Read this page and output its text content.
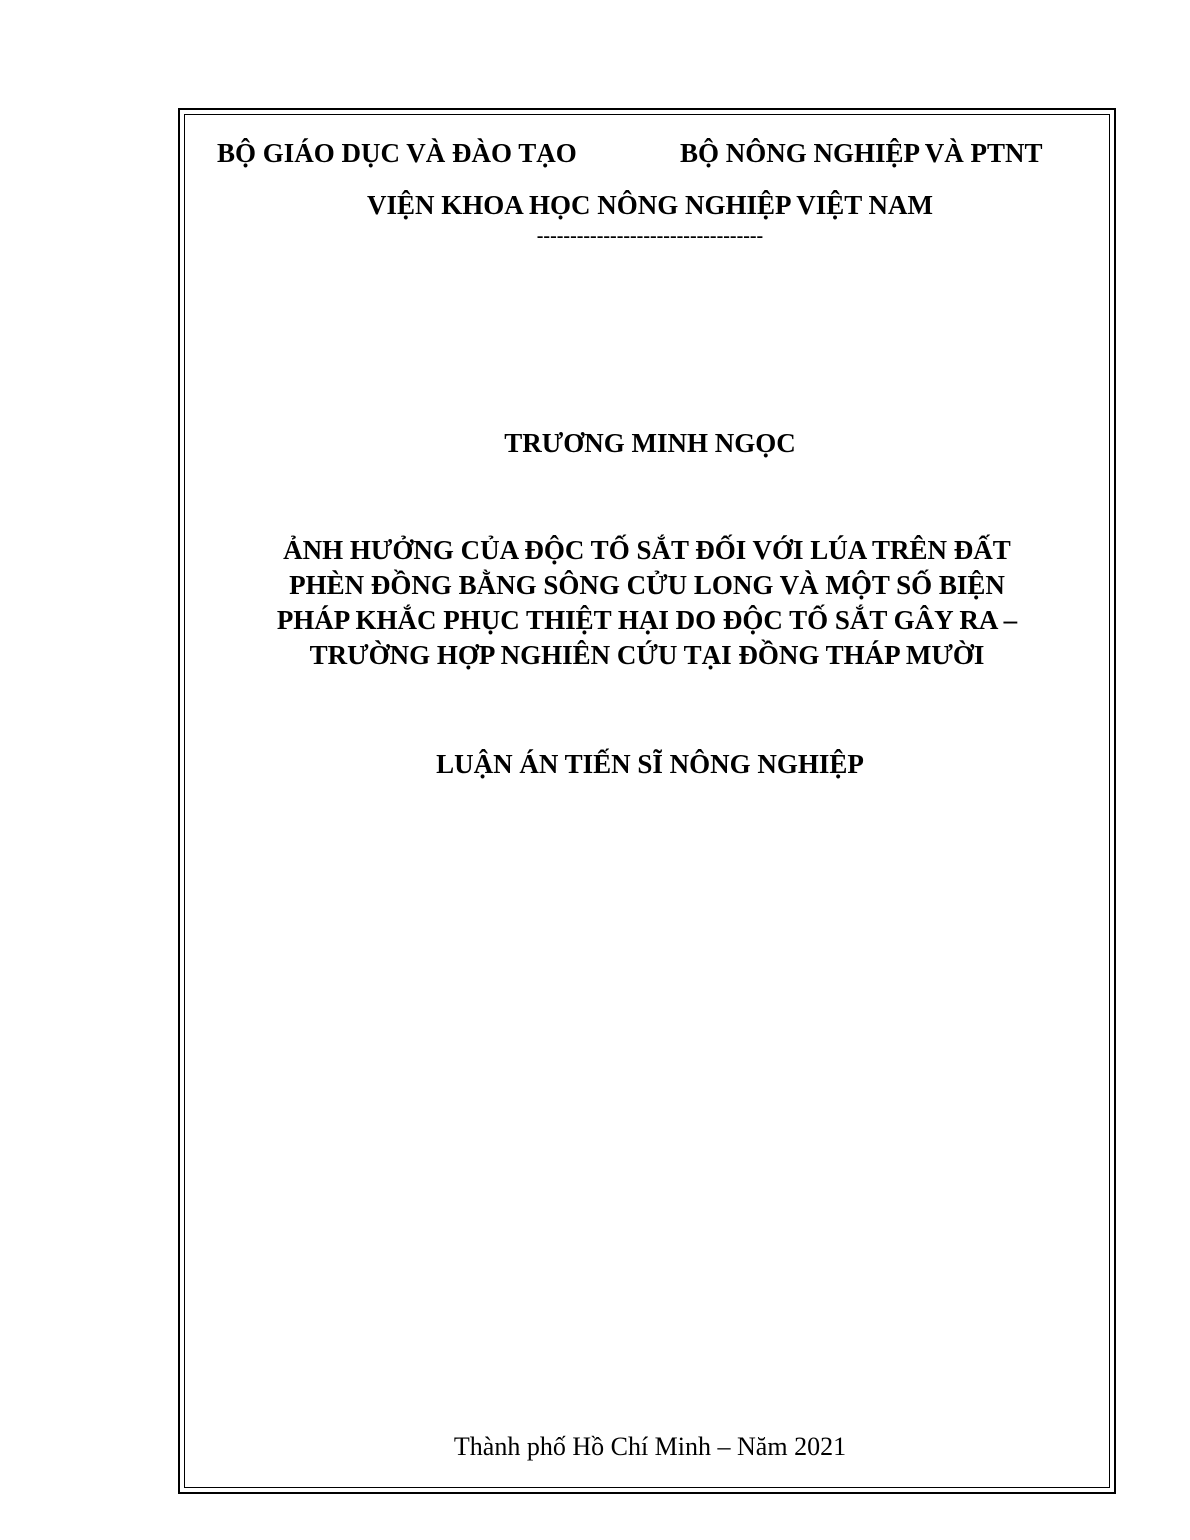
BỘ GIÁO DỤC VÀ ĐÀO TẠO	BỘ NÔNG NGHIỆP VÀ PTNT
VIỆN KHOA HỌC NÔNG NGHIỆP VIỆT NAM
----------------------------------
TRƯƠNG MINH NGỌC
ẢNH HƯỞNG CỦA ĐỘC TỐ SẮT ĐỐI VỚI LÚA TRÊN ĐẤT
PHÈN ĐỒNG BẰNG SÔNG CỬU LONG VÀ MỘT SỐ BIỆN
PHÁP KHẮC PHỤC THIỆT HẠI DO ĐỘC TỐ SẮT GÂY RA –
TRƯỜNG HỢP NGHIÊN CỨU TẠI ĐỒNG THÁP MƯỜI
LUẬN ÁN TIẾN SĨ NÔNG NGHIỆP
Thành phố Hồ Chí Minh – Năm 2021
